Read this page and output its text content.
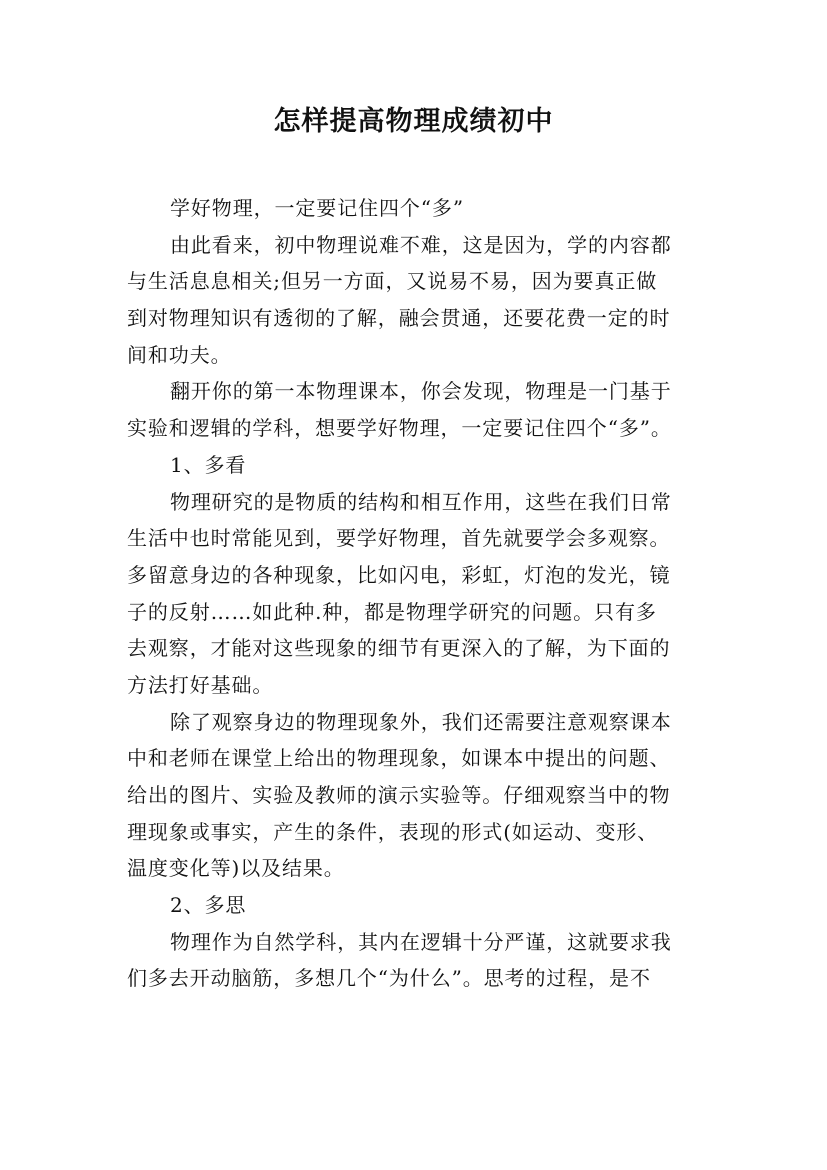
怎样提高物理成绩初中
学好物理，一定要记住四个“多”
由此看来，初中物理说难不难，这是因为，学的内容都
与生活息息相关;但另一方面，又说易不易，因为要真正做
到对物理知识有透彻的了解，融会贯通，还要花费一定的时
间和功夫。
翻开你的第一本物理课本，你会发现，物理是一门基于
实验和逻辑的学科，想要学好物理，一定要记住四个“多”。
1、多看
物理研究的是物质的结构和相互作用，这些在我们日常
生活中也时常能见到，要学好物理，首先就要学会多观察。
多留意身边的各种现象，比如闪电，彩虹，灯泡的发光，镜
子的反射……如此种.种，都是物理学研究的问题。只有多
去观察，才能对这些现象的细节有更深入的了解，为下面的
方法打好基础。
除了观察身边的物理现象外，我们还需要注意观察课本
中和老师在课堂上给出的物理现象，如课本中提出的问题、
给出的图片、实验及教师的演示实验等。仔细观察当中的物
理现象或事实，产生的条件，表现的形式(如运动、变形、
温度变化等)以及结果。
2、多思
物理作为自然学科，其内在逻辑十分严谨，这就要求我
们多去开动脑筋，多想几个“为什么”。思考的过程，是不
